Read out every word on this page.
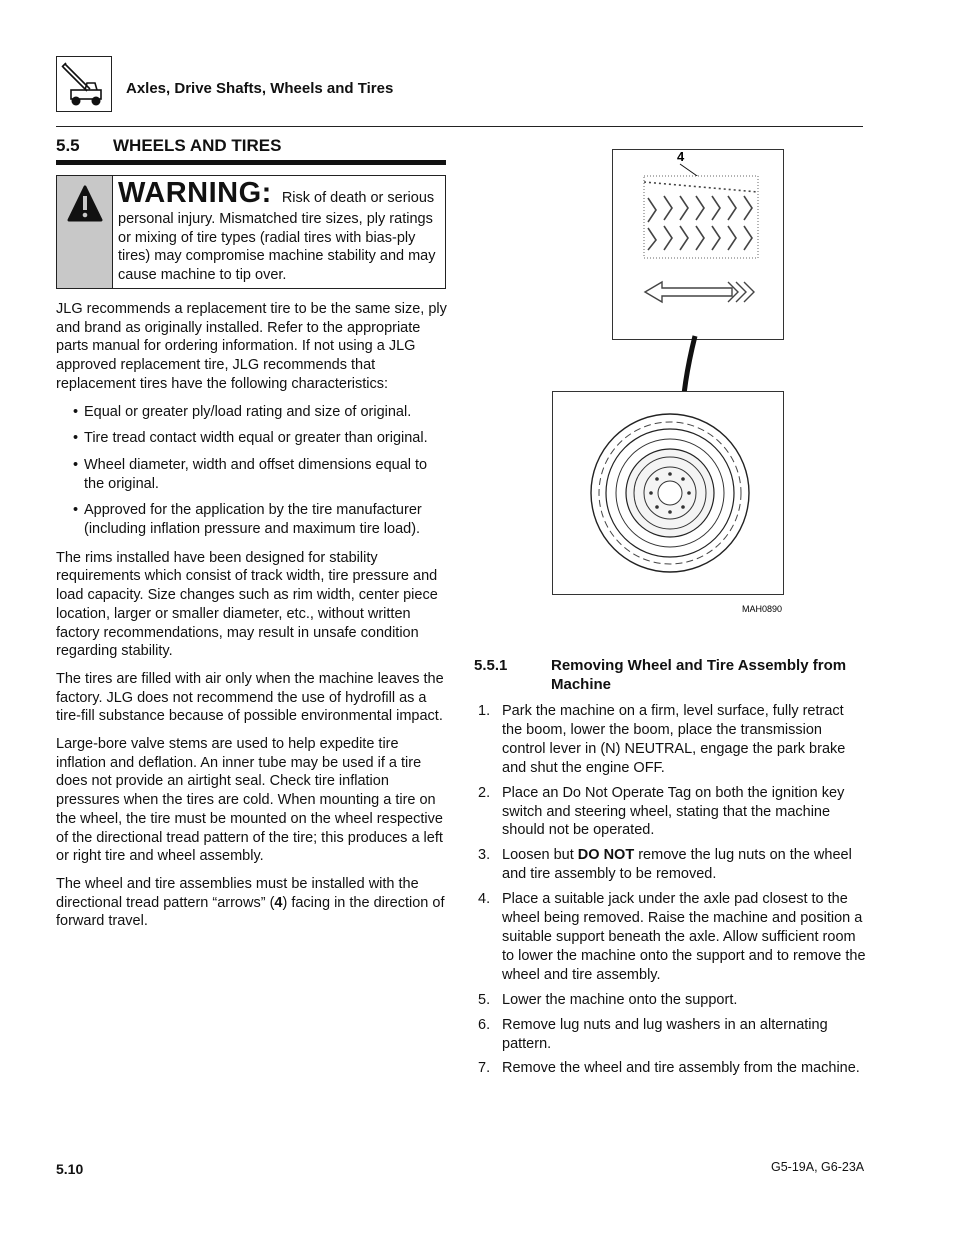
Axles, Drive Shafts, Wheels and Tires
5.5 WHEELS AND TIRES
WARNING: Risk of death or serious personal injury. Mismatched tire sizes, ply ratings or mixing of tire types (radial tires with bias-ply tires) may compromise machine stability and may cause machine to tip over.

JLG recommends a replacement tire to be the same size, ply and brand as originally installed. Refer to the appropriate parts manual for ordering information. If not using a JLG approved replacement tire, JLG recommends that replacement tires have the following characteristics:

• Equal or greater ply/load rating and size of original.
• Tire tread contact width equal or greater than original.
• Wheel diameter, width and offset dimensions equal to the original.
• Approved for the application by the tire manufacturer (including inflation pressure and maximum tire load).

The rims installed have been designed for stability requirements which consist of track width, tire pressure and load capacity. Size changes such as rim width, center piece location, larger or smaller diameter, etc., without written factory recommendations, may result in unsafe condition regarding stability.

The tires are filled with air only when the machine leaves the factory. JLG does not recommend the use of hydrofill as a tire-fill substance because of possible environmental impact.

Large-bore valve stems are used to help expedite tire inflation and deflation. An inner tube may be used if a tire does not provide an airtight seal. Check tire inflation pressures when the tires are cold. When mounting a tire on the wheel, the tire must be mounted on the wheel respective of the directional tread pattern of the tire; this produces a left or right tire and wheel assembly.

The wheel and tire assemblies must be installed with the directional tread pattern “arrows” (4) facing in the direction of forward travel.

4
MAH0890
5.5.1	Removing Wheel and Tire Assembly from Machine
1. Park the machine on a firm, level surface, fully retract the boom, lower the boom, place the transmission control lever in (N) NEUTRAL, engage the park brake and shut the engine OFF.
2. Place an Do Not Operate Tag on both the ignition key switch and steering wheel, stating that the machine should not be operated.
3. Loosen but DO NOT remove the lug nuts on the wheel and tire assembly to be removed.
4. Place a suitable jack under the axle pad closest to the wheel being removed. Raise the machine and position a suitable support beneath the axle. Allow sufficient room to lower the machine onto the support and to remove the wheel and tire assembly.
5. Lower the machine onto the support.
6. Remove lug nuts and lug washers in an alternating pattern.
7. Remove the wheel and tire assembly from the machine.
5.10	G5-19A, G6-23A
